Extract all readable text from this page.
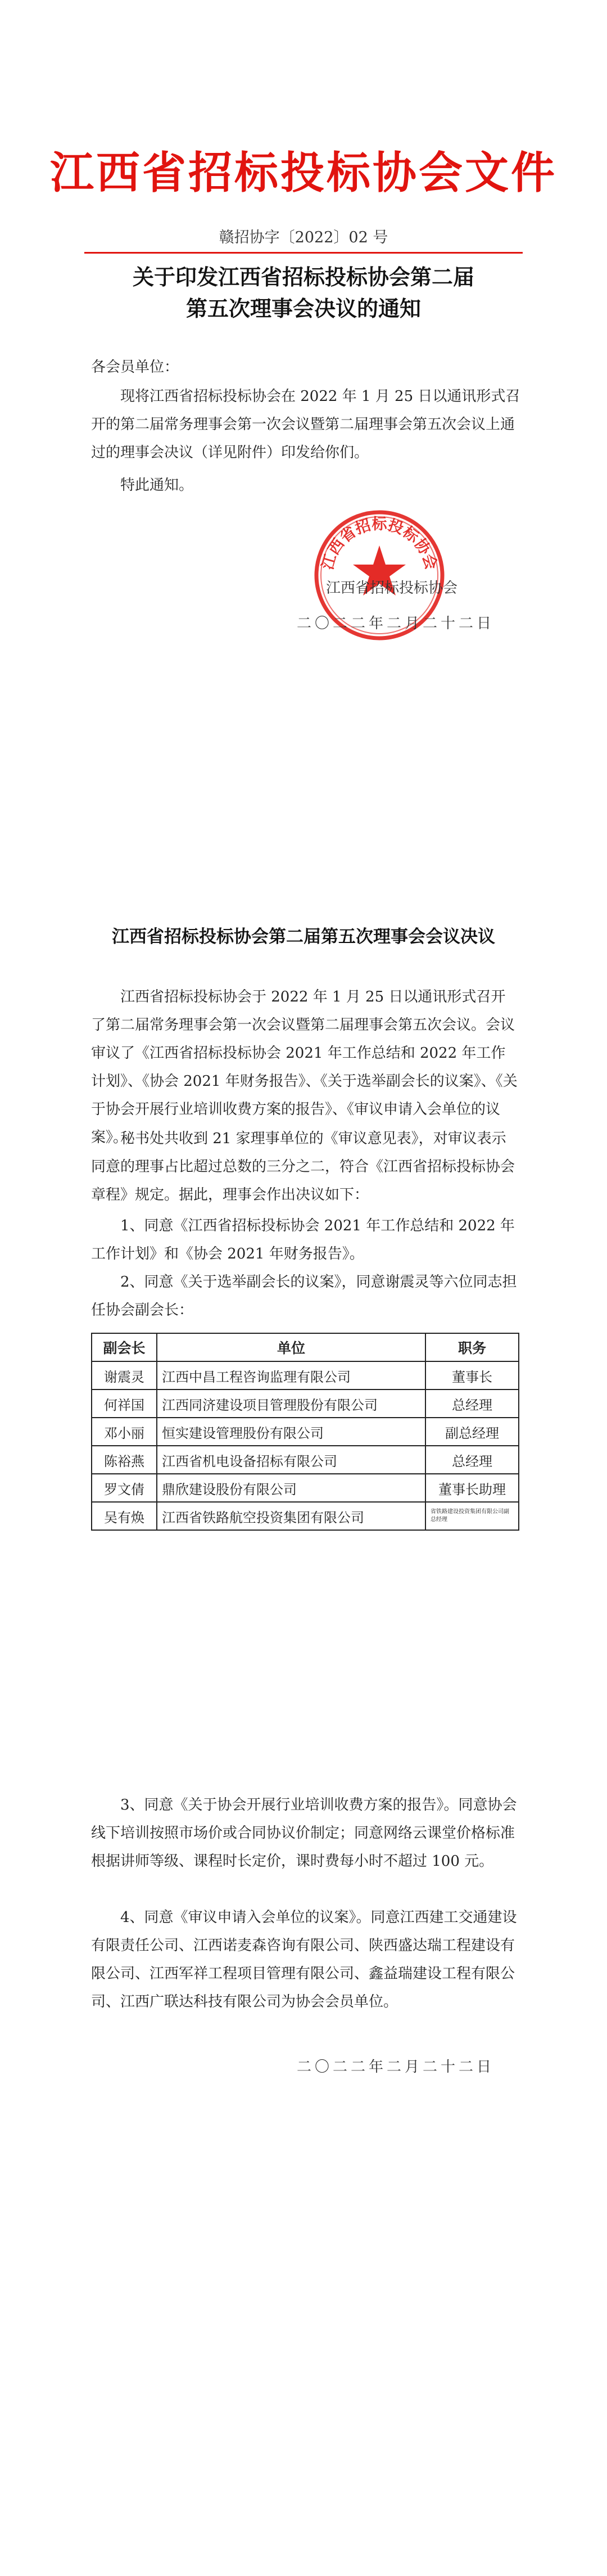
江西省招标投标协会文件
赣招协字〔2022〕02 号
关于印发江西省招标投标协会第二届
第五次理事会决议的通知
各会员单位：
现将江西省招标投标协会在 2022 年 1 月 25 日以通讯形式召开的第二届常务理事会第一次会议暨第二届理事会第五次会议上通过的理事会决议（详见附件）印发给你们。
特此通知。
江西省招标投标协会
江西省招标投标协会
二〇二二年二月二十二日
江西省招标投标协会第二届第五次理事会会议决议
江西省招标投标协会于 2022 年 1 月 25 日以通讯形式召开了第二届常务理事会第一次会议暨第二届理事会第五次会议。会议审议了《江西省招标投标协会 2021 年工作总结和 2022 年工作计划》、《协会 2021 年财务报告》、《关于选举副会长的议案》、《关于协会开展行业培训收费方案的报告》、《审议申请入会单位的议案》。
秘书处共收到 21 家理事单位的《审议意见表》，对审议表示同意的理事占比超过总数的三分之二，符合《江西省招标投标协会章程》规定。据此，理事会作出决议如下：
1、同意《江西省招标投标协会 2021 年工作总结和 2022 年工作计划》和《协会 2021 年财务报告》。
2、同意《关于选举副会长的议案》，同意谢震灵等六位同志担任协会副会长：
副会长	单位	职务
谢震灵	江西中昌工程咨询监理有限公司	董事长
何祥国	江西同济建设项目管理股份有限公司	总经理
邓小丽	恒实建设管理股份有限公司	副总经理
陈裕燕	江西省机电设备招标有限公司	总经理
罗文倩	鼎欣建设股份有限公司	董事长助理
吴有焕	江西省铁路航空投资集团有限公司	省铁路建设投资集团有限公司副总经理
3、同意《关于协会开展行业培训收费方案的报告》。同意协会线下培训按照市场价或合同协议价制定；同意网络云课堂价格标准根据讲师等级、课程时长定价，课时费每小时不超过 100 元。
4、同意《审议申请入会单位的议案》。同意江西建工交通建设有限责任公司、江西诺麦森咨询有限公司、陕西盛达瑞工程建设有限公司、江西军祥工程项目管理有限公司、鑫益瑞建设工程有限公司、江西广联达科技有限公司为协会会员单位。
二〇二二年二月二十二日
